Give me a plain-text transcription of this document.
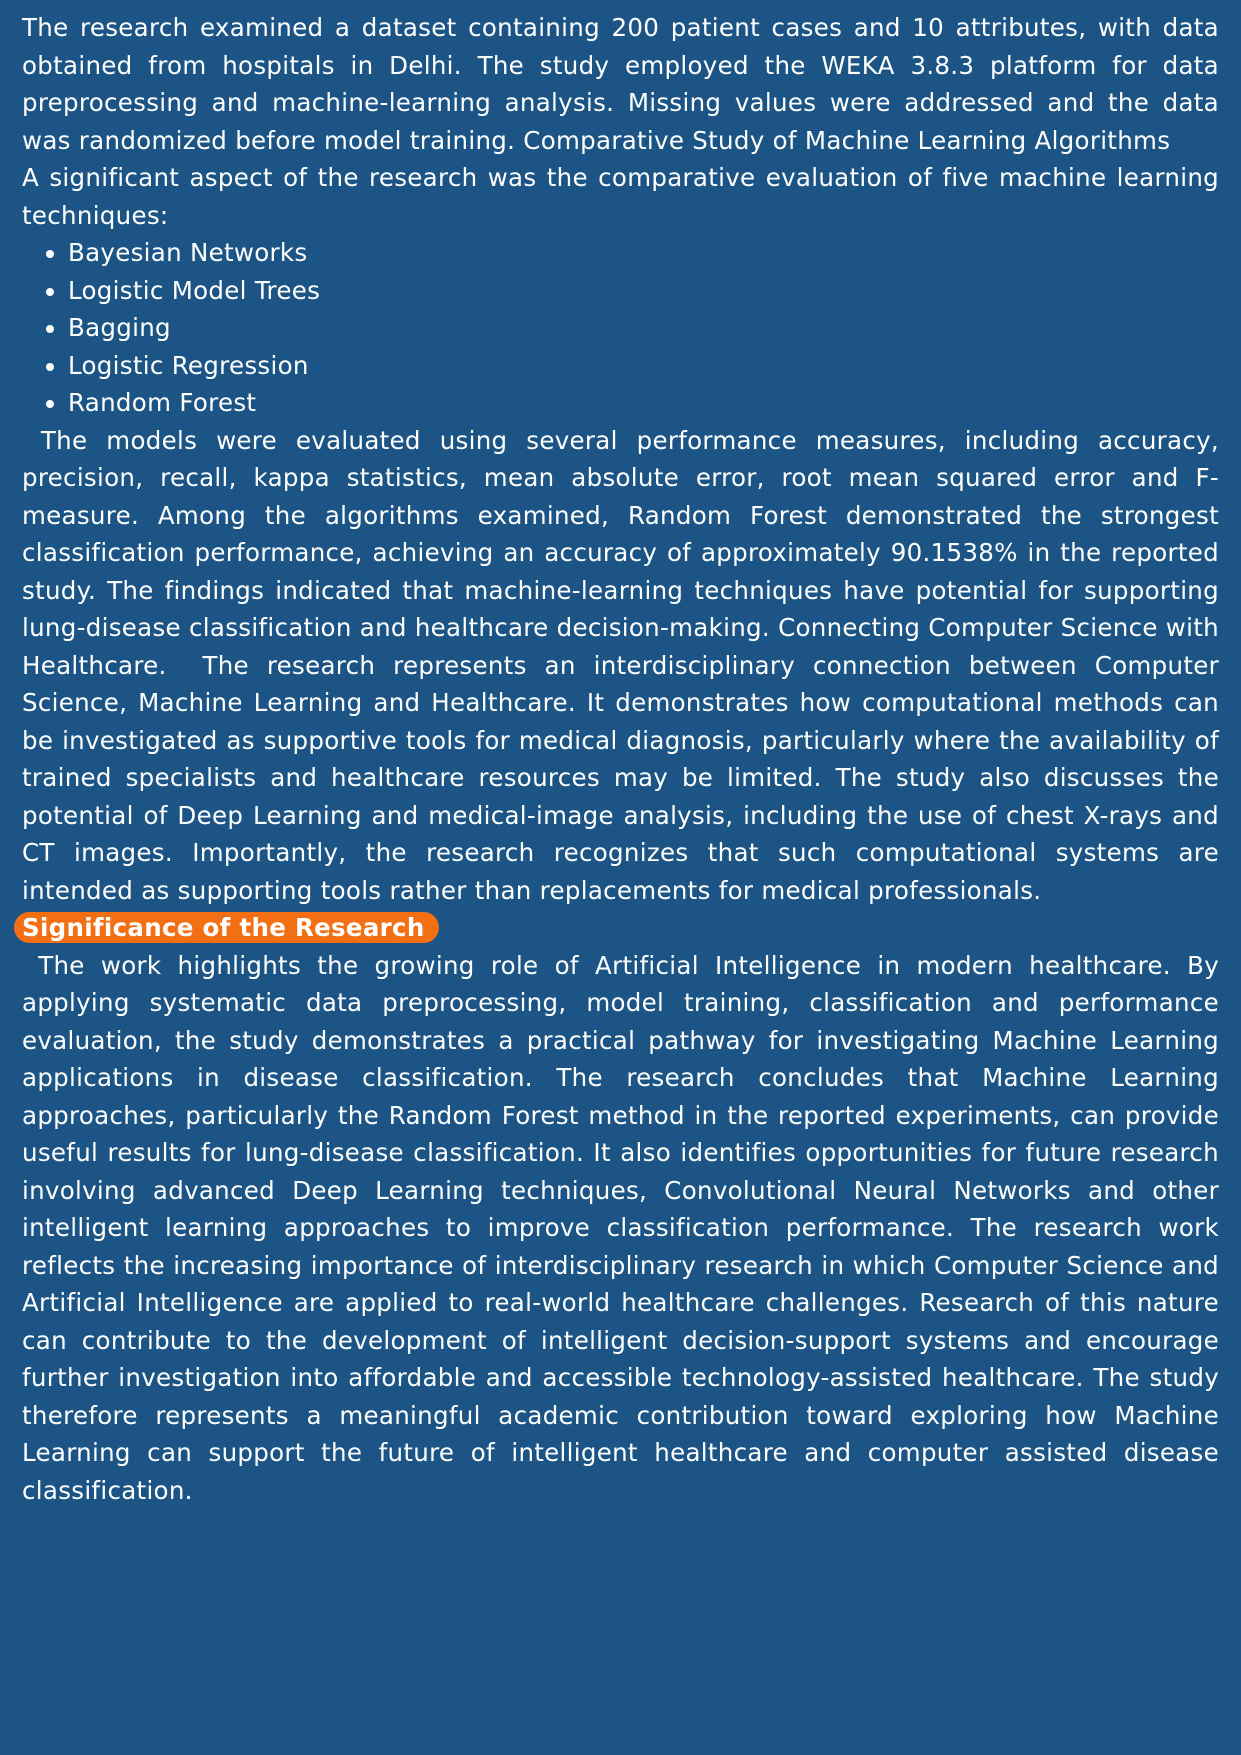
The research examined a dataset containing 200 patient cases and 10 attributes, with data obtained from hospitals in Delhi. The study employed the WEKA 3.8.3 platform for data preprocessing and machine-learning analysis. Missing values were addressed and the data was randomized before model training. Comparative Study of Machine Learning Algorithms

A significant aspect of the research was the comparative evaluation of five machine learning techniques:

• Bayesian Networks
• Logistic Model Trees
• Bagging
• Logistic Regression
• Random Forest

The models were evaluated using several performance measures, including accuracy, precision, recall, kappa statistics, mean absolute error, root mean squared error and F-measure. Among the algorithms examined, Random Forest demonstrated the strongest classification performance, achieving an accuracy of approximately 90.1538% in the reported study. The findings indicated that machine-learning techniques have potential for supporting lung-disease classification and healthcare decision-making. Connecting Computer Science with Healthcare.  The research represents an interdisciplinary connection between Computer Science, Machine Learning and Healthcare. It demonstrates how computational methods can be investigated as supportive tools for medical diagnosis, particularly where the availability of trained specialists and healthcare resources may be limited. The study also discusses the potential of Deep Learning and medical-image analysis, including the use of chest X-rays and CT images. Importantly, the research recognizes that such computational systems are intended as supporting tools rather than replacements for medical professionals.

Significance of the Research

The work highlights the growing role of Artificial Intelligence in modern healthcare. By applying systematic data preprocessing, model training, classification and performance evaluation, the study demonstrates a practical pathway for investigating Machine Learning applications in disease classification. The research concludes that Machine Learning approaches, particularly the Random Forest method in the reported experiments, can provide useful results for lung-disease classification. It also identifies opportunities for future research involving advanced Deep Learning techniques, Convolutional Neural Networks and other intelligent learning approaches to improve classification performance. The research work reflects the increasing importance of interdisciplinary research in which Computer Science and Artificial Intelligence are applied to real-world healthcare challenges. Research of this nature can contribute to the development of intelligent decision-support systems and encourage further investigation into affordable and accessible technology-assisted healthcare. The study therefore represents a meaningful academic contribution toward exploring how Machine Learning can support the future of intelligent healthcare and computer assisted disease classification.
